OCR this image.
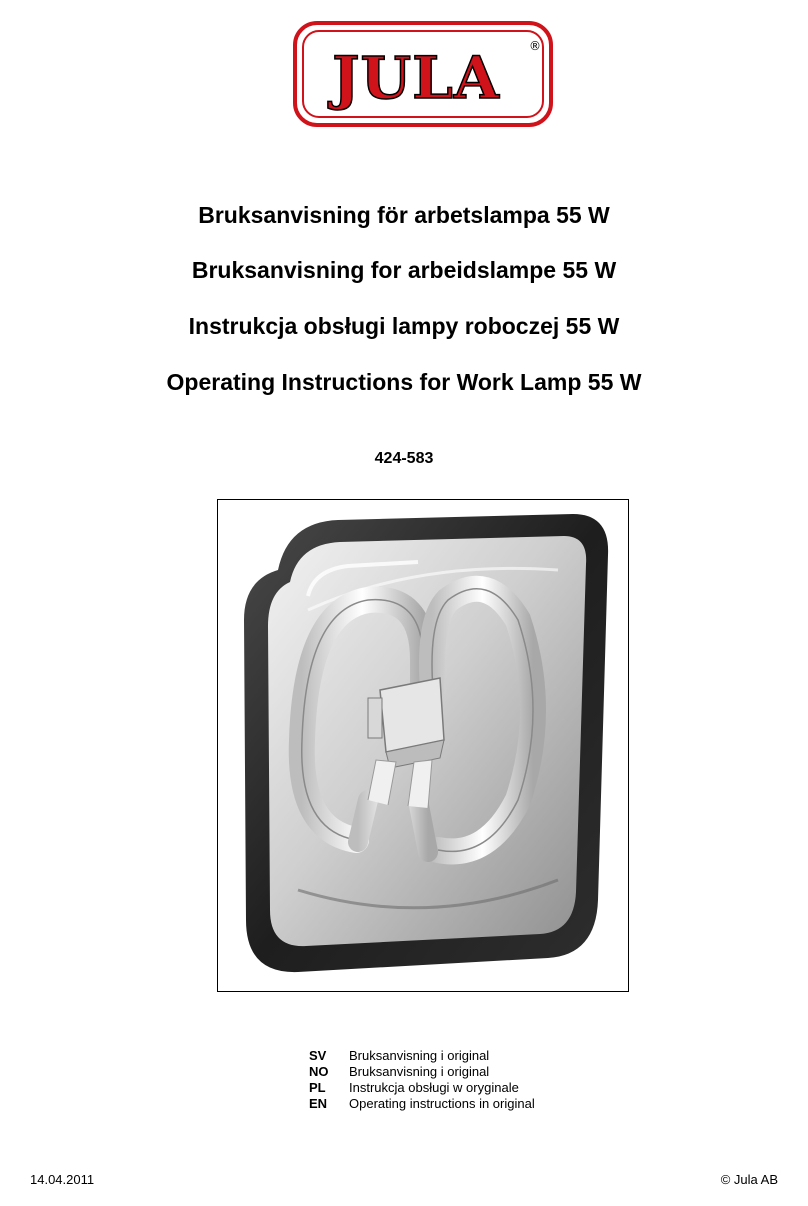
JULA ®
Bruksanvisning för arbetslampa 55 W
Bruksanvisning for arbeidslampe 55 W
Instrukcja obsługi lampy roboczej 55 W
Operating Instructions for Work Lamp 55 W
424-583
SV	Bruksanvisning i original
NO	Bruksanvisning i original
PL	Instrukcja obsługi w oryginale
EN	Operating instructions in original
14.04.2011	© Jula AB
